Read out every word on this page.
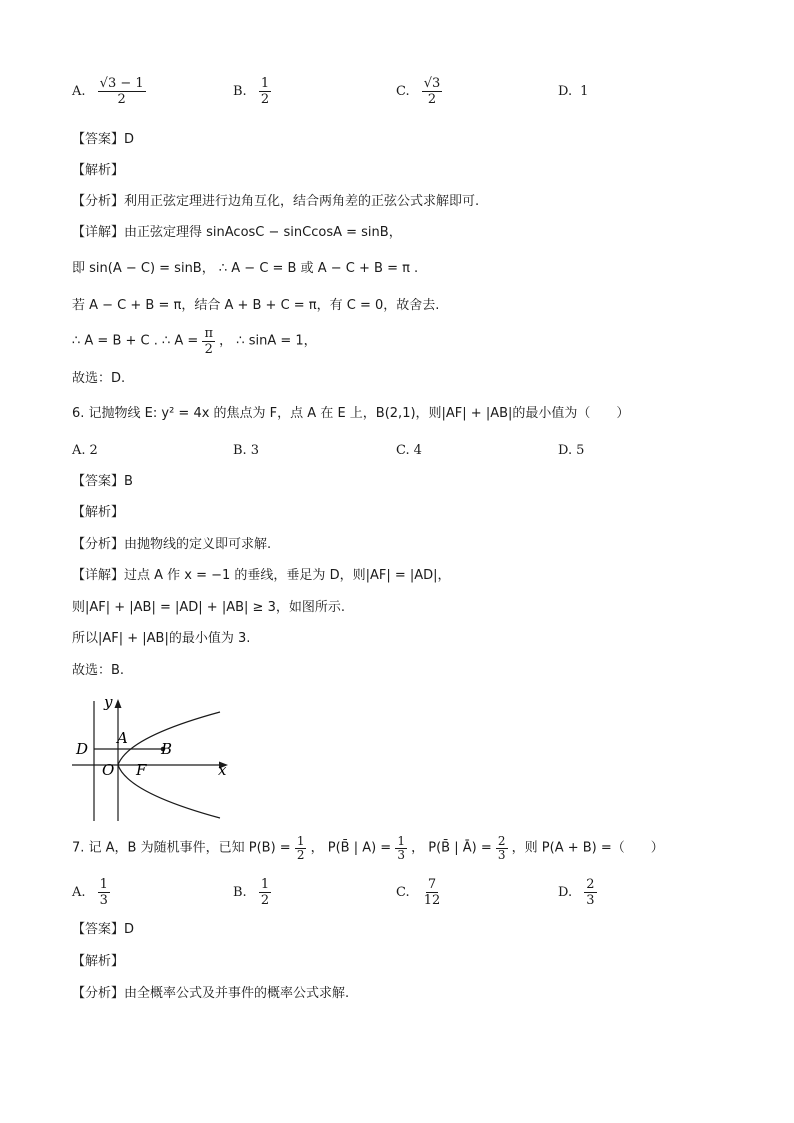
A. $\frac{√3 - 1}{2}$	B. $\frac{1}{2}$	C. $\frac{√3}{2}$	D. 1
【答案】D
【解析】
【分析】利用正弦定理进行边角互化，结合两角差的正弦公式求解即可.
【详解】由正弦定理得 sinAcosC − sinCcosA = sinB，
即 sin(A − C) = sinB， ∴ A − C = B 或 A − C + B = π .
若 A − C + B = π，结合 A + B + C = π，有 C = 0，故舍去.
∴ A = B + C . ∴ $A = \frac{\pi}{2}$ ， ∴ sinA = 1，
故选：D.
6. 记抛物线 E: y² = 4x 的焦点为 F，点 A 在 E 上，B(2,1)，则|AF| + |AB|的最小值为（　　）
A. 2	B. 3	C. 4	D. 5
【答案】B
【解析】
【分析】由抛物线的定义即可求解.
【详解】过点 A 作 x = −1 的垂线，垂足为 D，则|AF| = |AD|，
则|AF| + |AB| = |AD| + |AB| ≥ 3，如图所示.
所以|AF| + |AB|的最小值为 3.
故选：B.
y
A
B
D
O F	x
7. 记 A，B 为随机事件，已知 $P(B) = \frac{1}{2}$ ， P(B̄ | $A) = \frac{1}{3}$ ， P(B̄ | Ā) = $\frac{2}{3}$ ，则 P(A + B) =（　　）
A. $\frac{1}{3}$	B. $\frac{1}{2}$	C. $\frac{7}{12}$	D. $\frac{2}{3}$
【答案】D
【解析】
【分析】由全概率公式及并事件的概率公式求解.
